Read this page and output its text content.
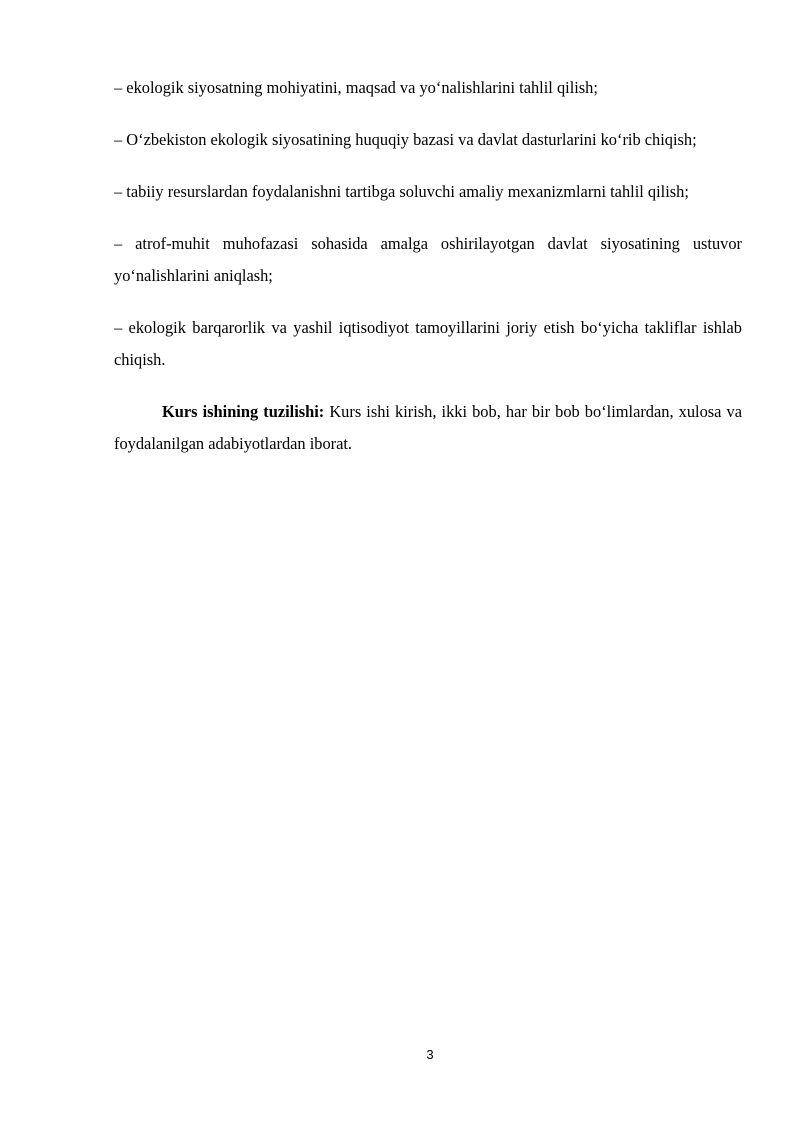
– ekologik siyosatning mohiyatini, maqsad va yo‘nalishlarini tahlil qilish;

– O‘zbekiston ekologik siyosatining huquqiy bazasi va davlat dasturlarini ko‘rib chiqish;

– tabiiy resurslardan foydalanishni tartibga soluvchi amaliy mexanizmlarni tahlil qilish;

– atrof-muhit muhofazasi sohasida amalga oshirilayotgan davlat siyosatining ustuvor yo‘nalishlarini aniqlash;

– ekologik barqarorlik va yashil iqtisodiyot tamoyillarini joriy etish bo‘yicha takliflar ishlab chiqish.

Kurs ishining tuzilishi: Kurs ishi kirish, ikki bob, har bir bob bo‘limlardan, xulosa va foydalanilgan adabiyotlardan iborat.

3
